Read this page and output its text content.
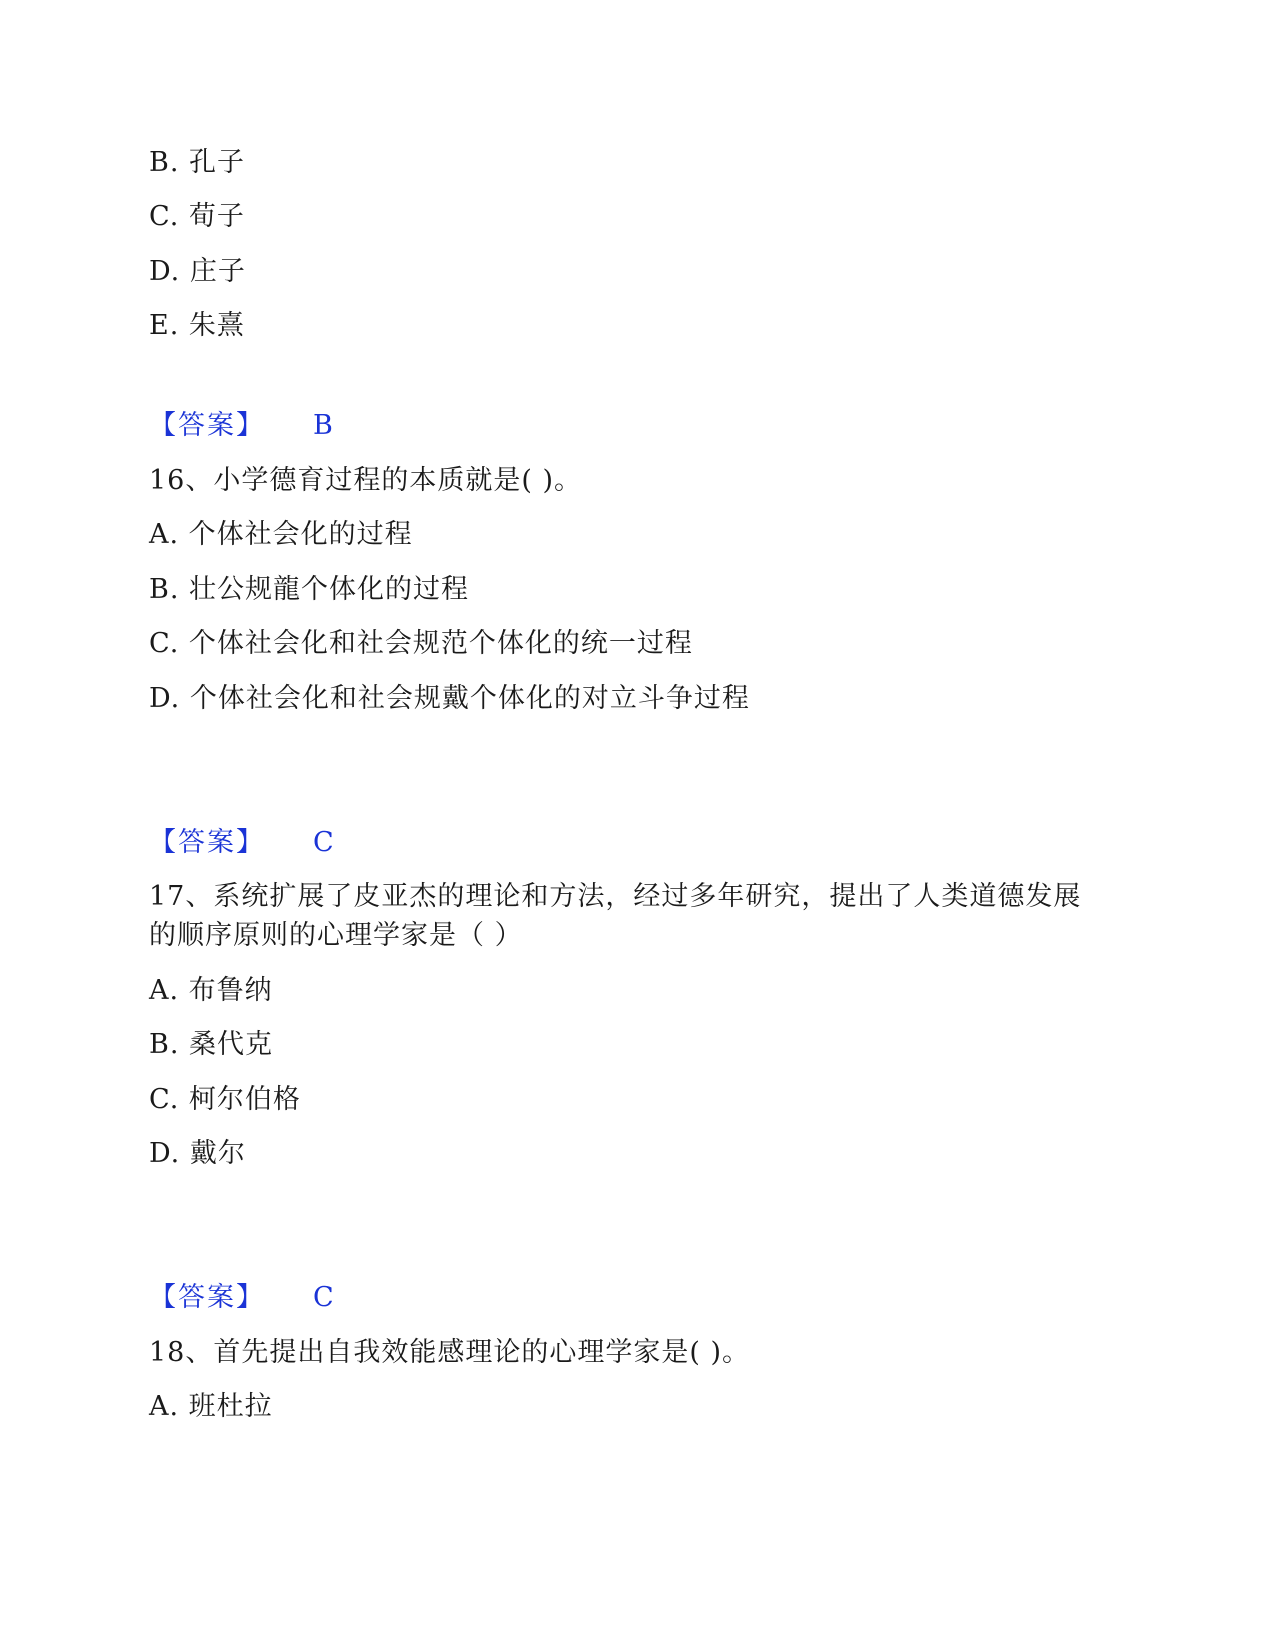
B. 孔子
C. 荀子
D. 庄子
E. 朱熹
【答案】 B
16、小学德育过程的本质就是( )。
A. 个体社会化的过程
B. 壮公规龍个体化的过程
C. 个体社会化和社会规范个体化的统一过程
D. 个体社会化和社会规戴个体化的对立斗争过程
【答案】 C
17、系统扩展了皮亚杰的理论和方法，经过多年研究，提出了人类道德发展
的顺序原则的心理学家是（ ）
A. 布鲁纳
B. 桑代克
C. 柯尔伯格
D. 戴尔
【答案】 C
18、首先提出自我效能感理论的心理学家是( )。
A. 班杜拉
